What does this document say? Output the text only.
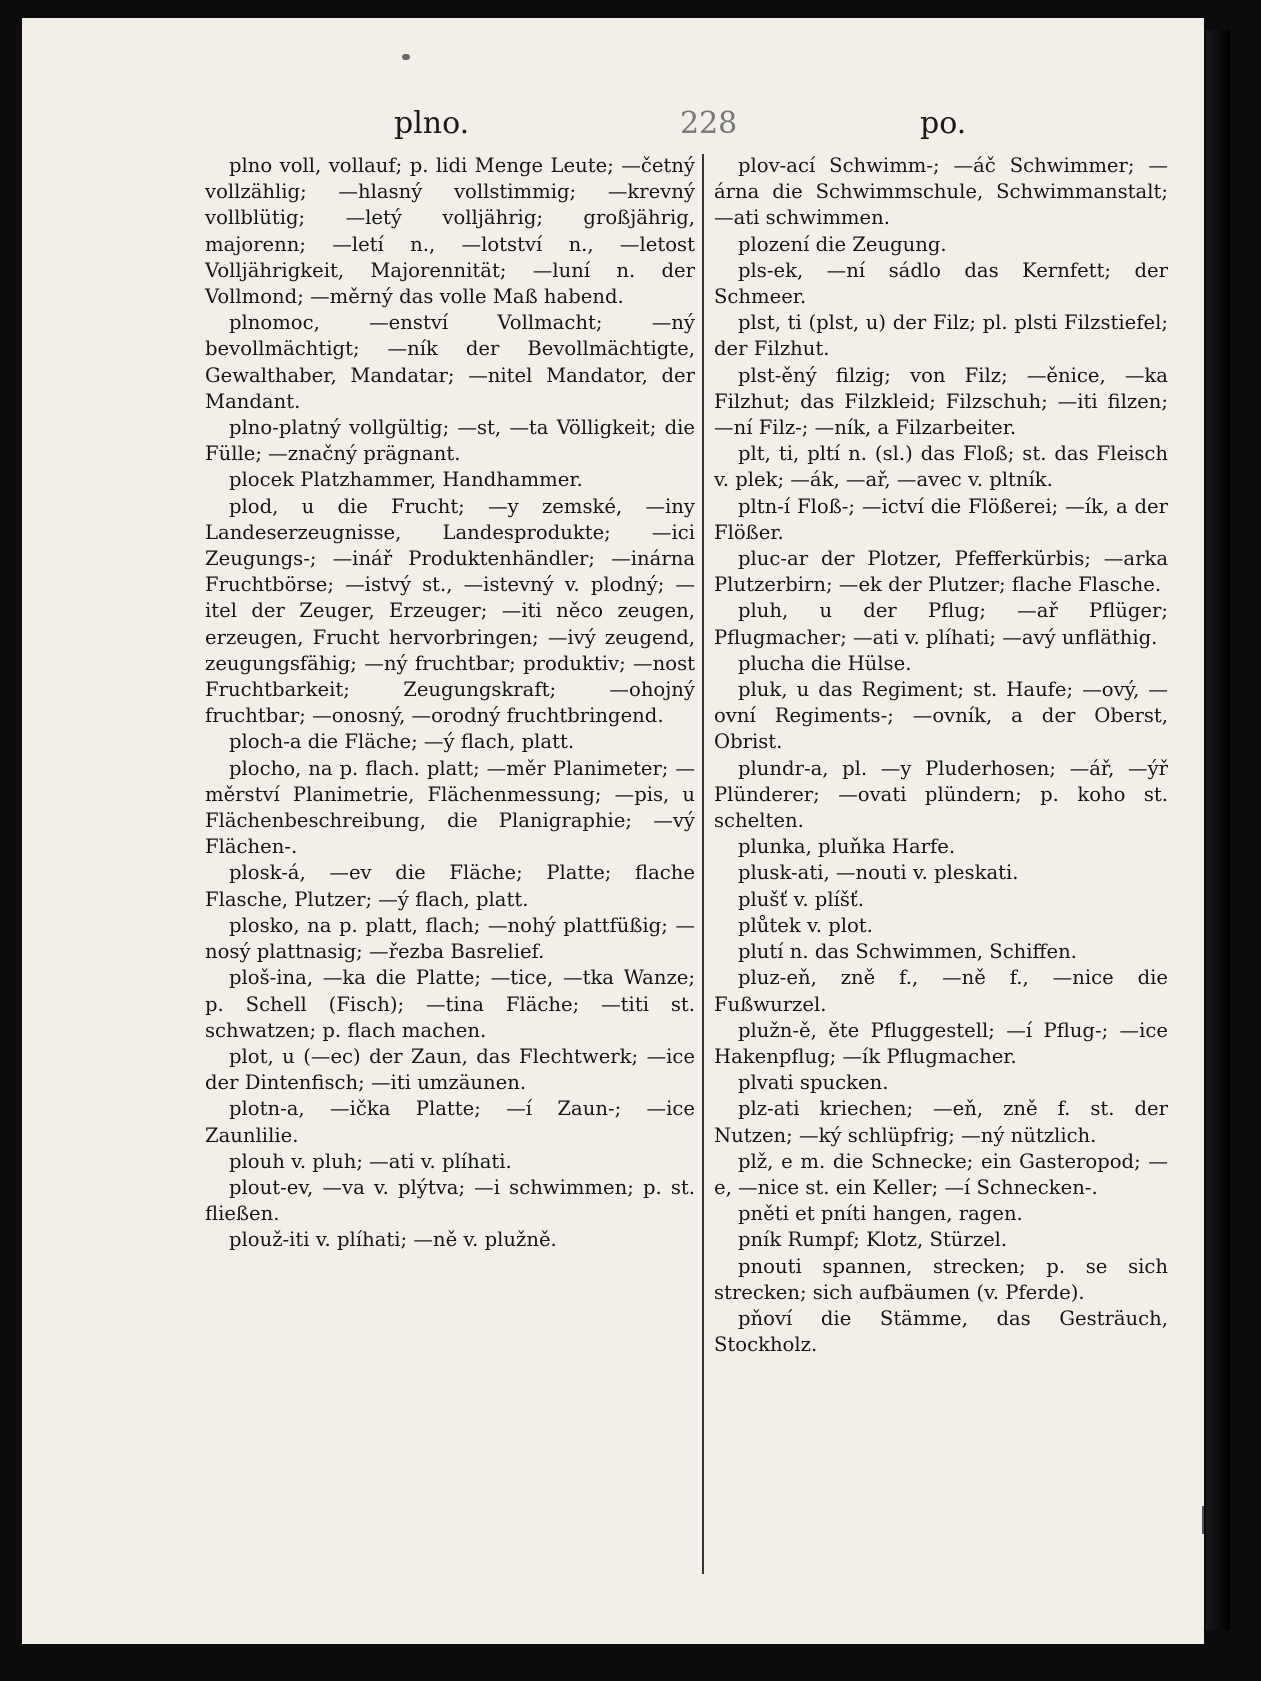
plno.	228	po.

plno voll, vollauf; p. lidi Menge Leute; —četný vollzählig; —hlasný vollstimmig; —krevný vollblütig; —letý volljährig; großjährig, majorenn; —letí n., —lotství n., —letost Volljährigkeit, Majorennität; —luní n. der Vollmond; —měrný das volle Maß habend.

plnomoc, —enství Vollmacht; —ný bevollmächtigt; —ník der Bevollmächtigte, Gewalthaber, Mandatar; —nitel Mandator, der Mandant.

plno-platný vollgültig; —st, —ta Völligkeit; die Fülle; —značný prägnant.

plocek Platzhammer, Handhammer.

plod, u die Frucht; —y zemské, —iny Landeserzeugnisse, Landesprodukte; —ici Zeugungs-; —inář Produktenhändler; —inárna Fruchtbörse; —istvý st., —istevný v. plodný; —itel der Zeuger, Erzeuger; —iti něco zeugen, erzeugen, Frucht hervorbringen; —ivý zeugend, zeugungsfähig; —ný fruchtbar; produktiv; —nost Fruchtbarkeit; Zeugungskraft; —ohojný fruchtbar; —onosný, —orodný fruchtbringend.

ploch-a die Fläche; —ý flach, platt.

plocho, na p. flach. platt; —měr Planimeter; —měrství Planimetrie, Flächenmessung; —pis, u Flächenbeschreibung, die Planigraphie; —vý Flächen-.

plosk-á, —ev die Fläche; Platte; flache Flasche, Plutzer; —ý flach, platt.

plosko, na p. platt, flach; —nohý plattfüßig; —nosý plattnasig; —řezba Basrelief.

ploš-ina, —ka die Platte; —tice, —tka Wanze; p. Schell (Fisch); —tina Fläche; —titi st. schwatzen; p. flach machen.

plot, u (—ec) der Zaun, das Flechtwerk; —ice der Dintenfisch; —iti umzäunen.

plotn-a, —ička Platte; —í Zaun-; —ice Zaunlilie.

plouh v. pluh; —ati v. plíhati.

plout-ev, —va v. plýtva; —i schwimmen; p. st. fließen.

plouž-iti v. plíhati; —ně v. plužně.

plov-ací Schwimm-; —áč Schwimmer; —árna die Schwimmschule, Schwimmanstalt; —ati schwimmen.

plození die Zeugung.

pls-ek, —ní sádlo das Kernfett; der Schmeer.

plst, ti (plst, u) der Filz; pl. plsti Filzstiefel; der Filzhut.

plst-ěný filzig; von Filz; —ěnice, —ka Filzhut; das Filzkleid; Filzschuh; —iti filzen; —ní Filz-; —ník, a Filzarbeiter.

plt, ti, pltí n. (sl.) das Floß; st. das Fleisch v. plek; —ák, —ař, —avec v. pltník.

pltn-í Floß-; —ictví die Flößerei; —ík, a der Flößer.

pluc-ar der Plotzer, Pfefferkürbis; —arka Plutzerbirn; —ek der Plutzer; flache Flasche.

pluh, u der Pflug; —ař Pflüger; Pflugmacher; —ati v. plíhati; —avý unfläthig.

plucha die Hülse.

pluk, u das Regiment; st. Haufe; —ový, —ovní Regiments-; —ovník, a der Oberst, Obrist.

plundr-a, pl. —y Pluderhosen; —ář, —ýř Plünderer; —ovati plündern; p. koho st. schelten.

plunka, pluňka Harfe.

plusk-ati, —nouti v. pleskati.

plušť v. plíšť.

plůtek v. plot.

plutí n. das Schwimmen, Schiffen.

pluz-eň, zně f., —ně f., —nice die Fußwurzel.

plužn-ě, ěte Pfluggestell; —í Pflug-; —ice Hakenpflug; —ík Pflugmacher.

plvati spucken.

plz-ati kriechen; —eň, zně f. st. der Nutzen; —ký schlüpfrig; —ný nützlich.

plž, e m. die Schnecke; ein Gasteropod; —e, —nice st. ein Keller; —í Schnecken-.

pněti et pníti hangen, ragen.

pník Rumpf; Klotz, Stürzel.

pnouti spannen, strecken; p. se sich strecken; sich aufbäumen (v. Pferde).

pňoví die Stämme, das Gesträuch, Stockholz.
